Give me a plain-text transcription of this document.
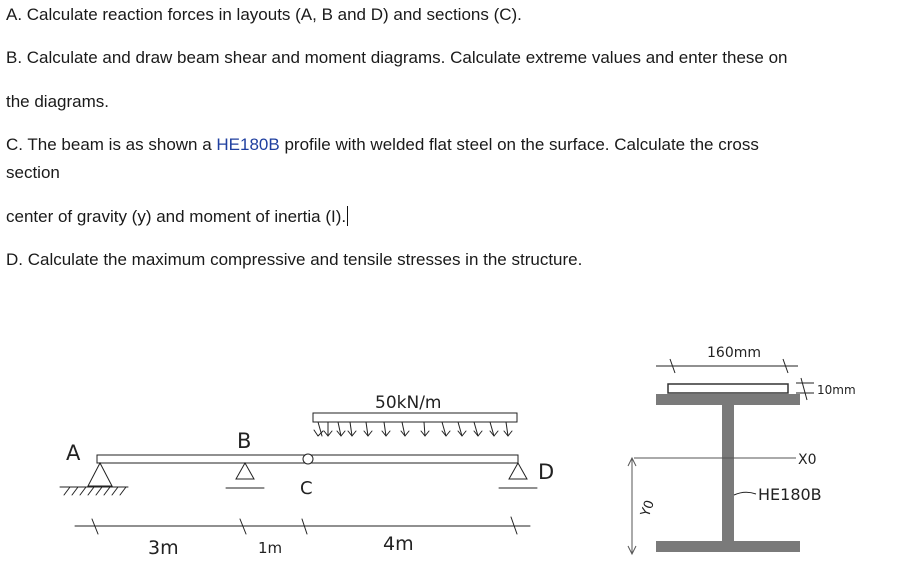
A. Calculate reaction forces in layouts (A, B and D) and sections (C).
B. Calculate and draw beam shear and moment diagrams. Calculate extreme values and enter these on
the diagrams.
C. The beam is as shown a HE180B profile with welded flat steel on the surface. Calculate the cross
section
center of gravity (y) and moment of inertia (I).
D. Calculate the maximum compressive and tensile stresses in the structure.
A	B
C
D
50kN/m
3m	1m	4m
160mm
10mm
HE180B
X0
Y0
